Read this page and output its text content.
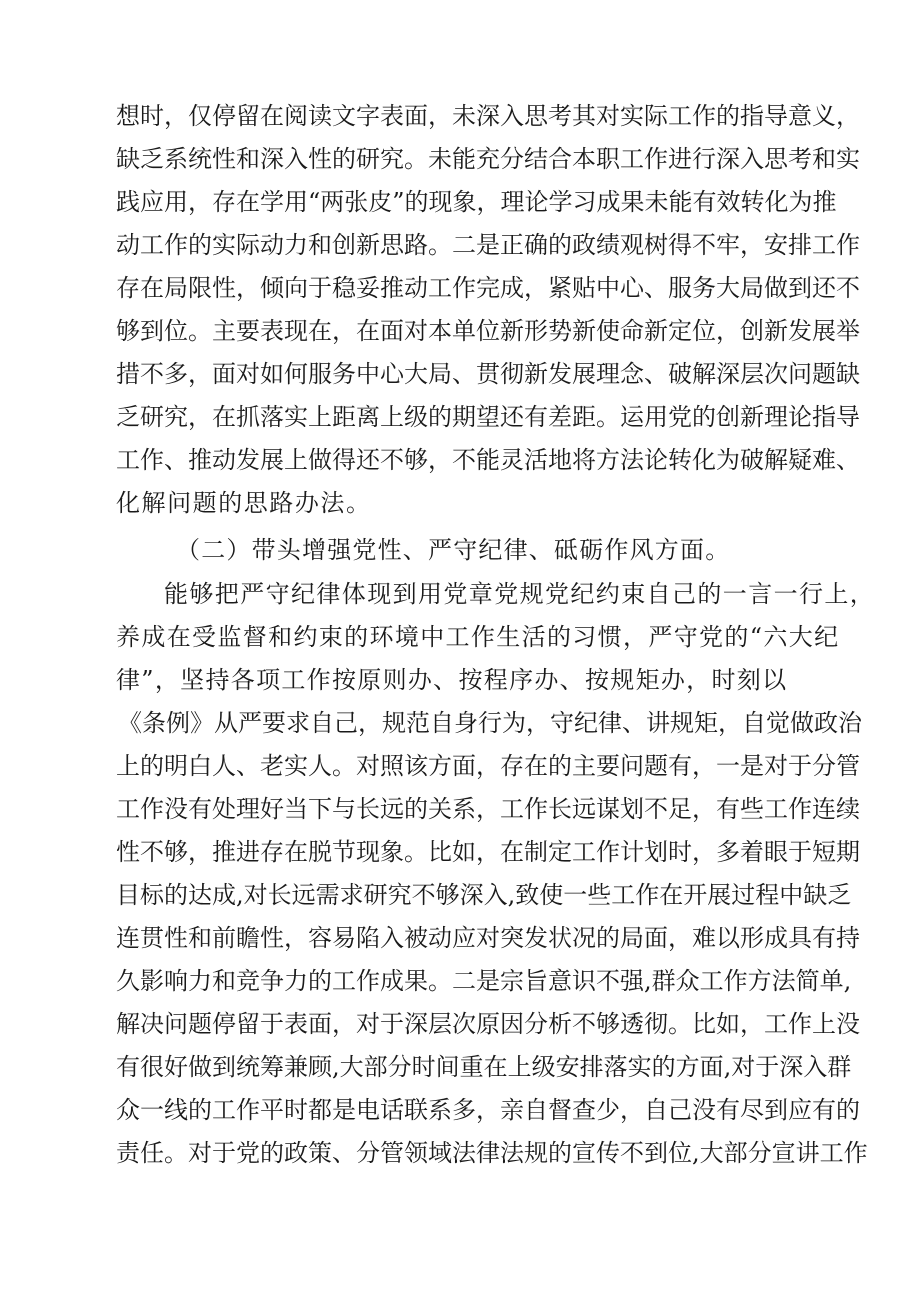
想时，仅停留在阅读文字表面，未深入思考其对实际工作的指导意义，
缺乏系统性和深入性的研究。未能充分结合本职工作进行深入思考和实
践应用，存在学用“两张皮”的现象，理论学习成果未能有效转化为推
动工作的实际动力和创新思路。二是正确的政绩观树得不牢，安排工作
存在局限性，倾向于稳妥推动工作完成，紧贴中心、服务大局做到还不
够到位。主要表现在，在面对本单位新形势新使命新定位，创新发展举
措不多，面对如何服务中心大局、贯彻新发展理念、破解深层次问题缺
乏研究，在抓落实上距离上级的期望还有差距。运用党的创新理论指导
工作、推动发展上做得还不够，不能灵活地将方法论转化为破解疑难、
化解问题的思路办法。
（二）带头增强党性、严守纪律、砥砺作风方面。
能够把严守纪律体现到用党章党规党纪约束自己的一言一行上，
养成在受监督和约束的环境中工作生活的习惯，严守党的“六大纪
律”，坚持各项工作按原则办、按程序办、按规矩办，时刻以
《条例》从严要求自己，规范自身行为，守纪律、讲规矩，自觉做政治
上的明白人、老实人。对照该方面，存在的主要问题有，一是对于分管
工作没有处理好当下与长远的关系，工作长远谋划不足，有些工作连续
性不够，推进存在脱节现象。比如，在制定工作计划时，多着眼于短期
目标的达成,对长远需求研究不够深入,致使一些工作在开展过程中缺乏
连贯性和前瞻性，容易陷入被动应对突发状况的局面，难以形成具有持
久影响力和竞争力的工作成果。二是宗旨意识不强,群众工作方法简单,
解决问题停留于表面，对于深层次原因分析不够透彻。比如，工作上没
有很好做到统筹兼顾,大部分时间重在上级安排落实的方面,对于深入群
众一线的工作平时都是电话联系多，亲自督查少，自己没有尽到应有的
责任。对于党的政策、分管领域法律法规的宣传不到位,大部分宣讲工作
